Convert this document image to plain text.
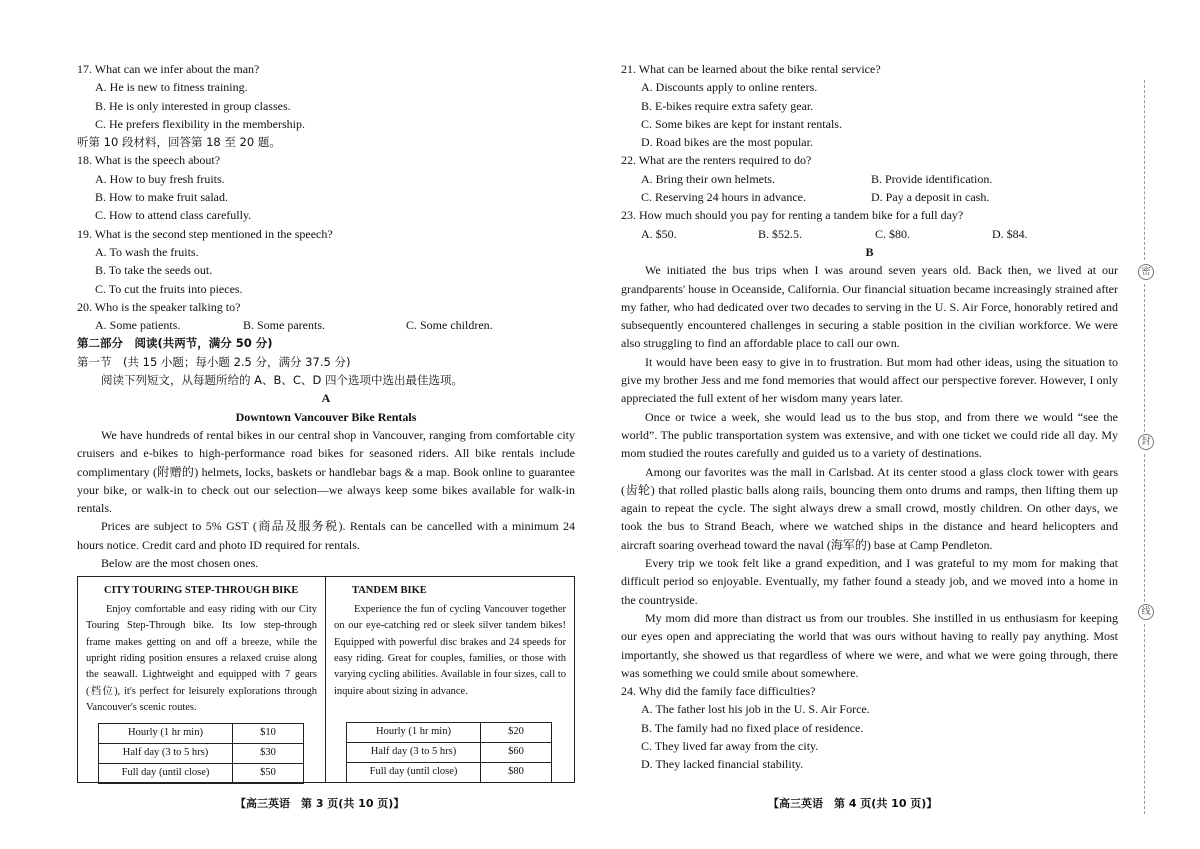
17. What can we infer about the man?
A. He is new to fitness training.
B. He is only interested in group classes.
C. He prefers flexibility in the membership.
听第 10 段材料，回答第 18 至 20 题。
18. What is the speech about?
A. How to buy fresh fruits.
B. How to make fruit salad.
C. How to attend class carefully.
19. What is the second step mentioned in the speech?
A. To wash the fruits.
B. To take the seeds out.
C. To cut the fruits into pieces.
20. Who is the speaker talking to?
A. Some patients.	B. Some parents.	C. Some children.
第二部分　阅读(共两节，满分 50 分)
第一节　(共 15 小题；每小题 2.5 分，满分 37.5 分)
阅读下列短文，从每题所给的 A、B、C、D 四个选项中选出最佳选项。
A
Downtown Vancouver Bike Rentals

We have hundreds of rental bikes in our central shop in Vancouver, ranging from comfortable city cruisers and e-bikes to high-performance road bikes for seasoned riders. All bike rentals include complimentary (附赠的) helmets, locks, baskets or handlebar bags & a map. Book online to guarantee your bike, or walk-in to check out our selection—we always keep some bikes available for walk-in rentals.

Prices are subject to 5% GST (商品及服务税). Rentals can be cancelled with a minimum 24 hours notice. Credit card and photo ID required for rentals.

Below are the most chosen ones.

CITY TOURING STEP-THROUGH BIKE

Enjoy comfortable and easy riding with our City Touring Step-Through bike. Its low step-through frame makes getting on and off a breeze, while the upright riding position ensures a relaxed cruise along the seawall. Lightweight and equipped with 7 gears (档位), it's perfect for leisurely explorations through Vancouver's scenic routes.

Hourly (1 hr min)	$10
Half day (3 to 5 hrs)	$30
Full day (until close)	$50
TANDEM BIKE

Experience the fun of cycling Vancouver together on our eye-catching red or sleek silver tandem bikes! Equipped with powerful disc brakes and 24 speeds for easy riding. Great for couples, families, or those with varying cycling abilities. Available in four sizes, call to inquire about sizing in advance.

Hourly (1 hr min)	$20
Half day (3 to 5 hrs)	$60
Full day (until close)	$80
【高三英语　第 3 页(共 10 页)】
21. What can be learned about the bike rental service?
A. Discounts apply to online renters.
B. E-bikes require extra safety gear.
C. Some bikes are kept for instant rentals.
D. Road bikes are the most popular.
22. What are the renters required to do?
A. Bring their own helmets.	B. Provide identification.
C. Reserving 24 hours in advance.	D. Pay a deposit in cash.
23. How much should you pay for renting a tandem bike for a full day?
A. $50.	B. $52.5.	C. $80.	D. $84.
B

We initiated the bus trips when I was around seven years old. Back then, we lived at our grandparents' house in Oceanside, California. Our financial situation became increasingly strained after my father, who had dedicated over two decades to serving in the U. S. Air Force, honorably retired and subsequently encountered challenges in securing a stable position in the civilian workforce. We were also struggling to find an affordable place to call our own.

It would have been easy to give in to frustration. But mom had other ideas, using the situation to give my brother Jess and me fond memories that would affect our perspective forever. However, I only appreciated the full extent of her wisdom many years later.

Once or twice a week, she would lead us to the bus stop, and from there we would “see the world”. The public transportation system was extensive, and with one ticket we could ride all day. My mom studied the routes carefully and guided us to a variety of destinations.

Among our favorites was the mall in Carlsbad. At its center stood a glass clock tower with gears (齿轮) that rolled plastic balls along rails, bouncing them onto drums and ramps, then lifting them up again to repeat the cycle. The sight always drew a small crowd, mostly children. On other days, we took the bus to Strand Beach, where we watched ships in the distance and heard helicopters and aircraft soaring overhead toward the naval (海军的) base at Camp Pendleton.

Every trip we took felt like a grand expedition, and I was grateful to my mom for making that difficult period so enjoyable. Eventually, my father found a steady job, and we moved into a home in the countryside.

My mom did more than distract us from our troubles. She instilled in us enthusiasm for keeping our eyes open and appreciating the world that was ours without having to really pay anything. Most importantly, she showed us that regardless of where we were, and what we were going through, there was something we could smile about somewhere.

24. Why did the family face difficulties?
A. The father lost his job in the U. S. Air Force.
B. The family had no fixed place of residence.
C. They lived far away from the city.
D. They lacked financial stability.
【高三英语　第 4 页(共 10 页)】
密
封
线
